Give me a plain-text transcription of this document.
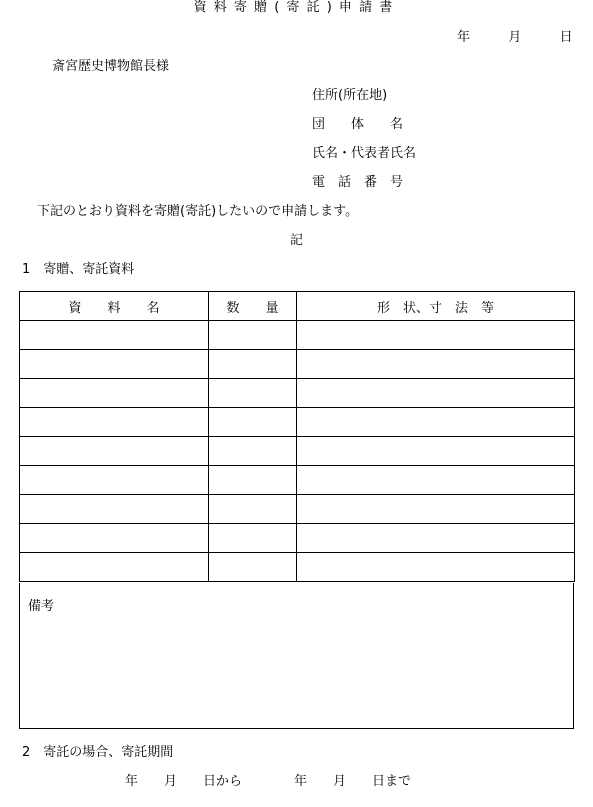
資料寄贈(寄託)申請書
年	月	日
斎宮歴史博物館長様
住所(所在地)
団　　体　　名
氏名・代表者氏名
電　話　番　号
下記のとおり資料を寄贈(寄託)したいので申請します。
記
1　寄贈、寄託資料
資　　料　　名	数　　量	形　状、寸　法　等

備考
2　寄託の場合、寄託期間
年　　月　　日から　　　　年　　月　　日まで
